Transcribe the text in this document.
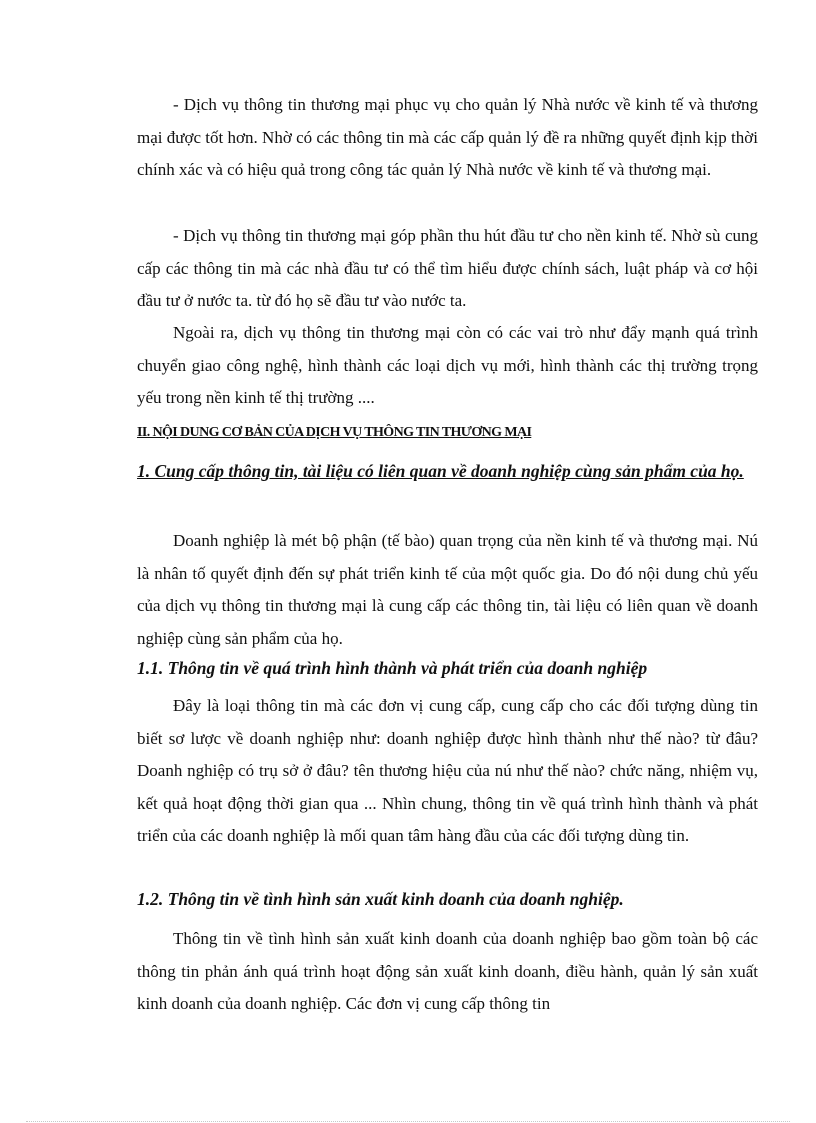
- Dịch vụ thông tin thương mại phục vụ cho quản lý Nhà nước về kinh tế và thương mại được tốt hơn. Nhờ có các thông tin mà các cấp quản lý đề ra những quyết định kịp thời chính xác và có hiệu quả trong công tác quản lý Nhà nước về kinh tế và thương mại.

- Dịch vụ thông tin thương mại góp phần thu hút đầu tư cho nền kinh tế. Nhờ sù cung cấp các thông tin mà các nhà đầu tư có thể tìm hiểu được chính sách, luật pháp và cơ hội đầu tư ở nước ta. từ đó họ sẽ đầu tư vào nước ta.

Ngoài ra, dịch vụ thông tin thương mại còn có các vai trò như đẩy mạnh quá trình chuyển giao công nghệ, hình thành các loại dịch vụ mới, hình thành các thị trường trọng yếu trong nền kinh tế thị trường ....

II. NỘI DUNG CƠ BẢN CỦA DỊCH VỤ THÔNG TIN THƯƠNG MẠI
1. Cung cấp thông tin, tài liệu có liên quan về doanh nghiệp cùng sản phẩm của họ.

Doanh nghiệp là mét bộ phận (tế bào) quan trọng của nền kinh tế và thương mại. Nú là nhân tố quyết định đến sự phát triển kinh tế của một quốc gia. Do đó nội dung chủ yếu của dịch vụ thông tin thương mại là cung cấp các thông tin, tài liệu có liên quan về doanh nghiệp cùng sản phẩm của họ.

1.1. Thông tin về quá trình hình thành và phát triển của doanh nghiệp

Đây là loại thông tin mà các đơn vị cung cấp, cung cấp cho các đối tượng dùng tin biết sơ lược về doanh nghiệp như: doanh nghiệp được hình thành như thế nào? từ đâu? Doanh nghiệp có trụ sở ở đâu? tên thương hiệu của nú như thế nào? chức năng, nhiệm vụ, kết quả hoạt động thời gian qua ... Nhìn chung, thông tin về quá trình hình thành và phát triển của các doanh nghiệp là mối quan tâm hàng đầu của các đối tượng dùng tin.

1.2. Thông tin về tình hình sản xuất kinh doanh của doanh nghiệp.

Thông tin về tình hình sản xuất kinh doanh của doanh nghiệp bao gồm toàn bộ các thông tin phản ánh quá trình hoạt động sản xuất kinh doanh, điều hành, quản lý sản xuất kinh doanh của doanh nghiệp. Các đơn vị cung cấp thông tin
